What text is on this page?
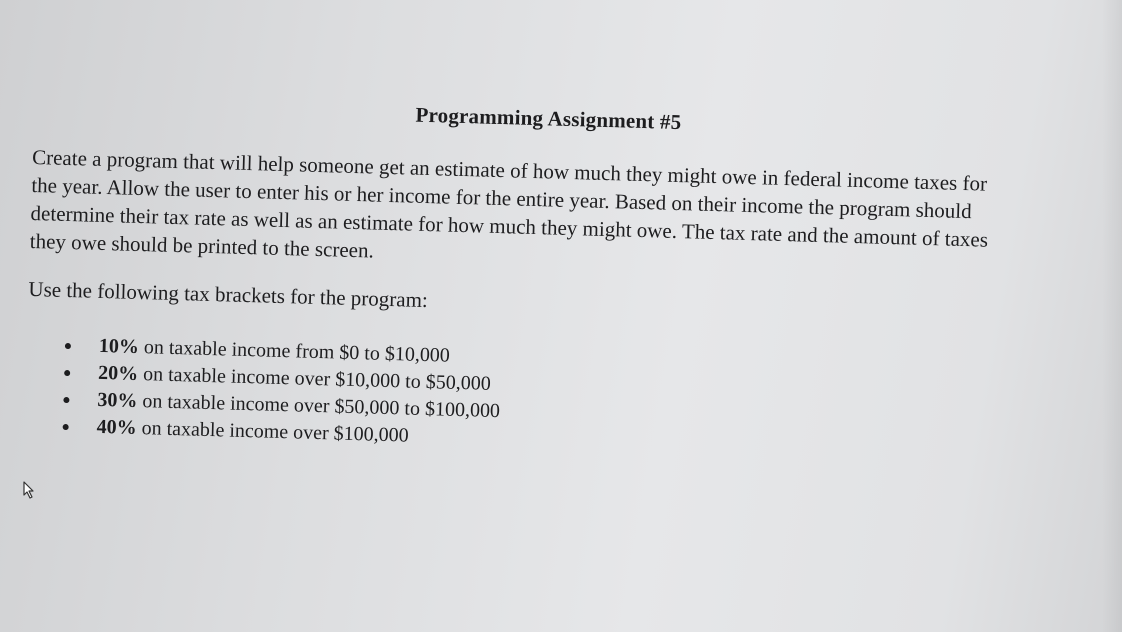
Programming Assignment #5

Create a program that will help someone get an estimate of how much they might owe in federal income taxes for the year. Allow the user to enter his or her income for the entire year. Based on their income the program should determine their tax rate as well as an estimate for how much they might owe. The tax rate and the amount of taxes they owe should be printed to the screen.

Use the following tax brackets for the program:

10% on taxable income from $0 to $10,000
20% on taxable income over $10,000 to $50,000
30% on taxable income over $50,000 to $100,000
40% on taxable income over $100,000
